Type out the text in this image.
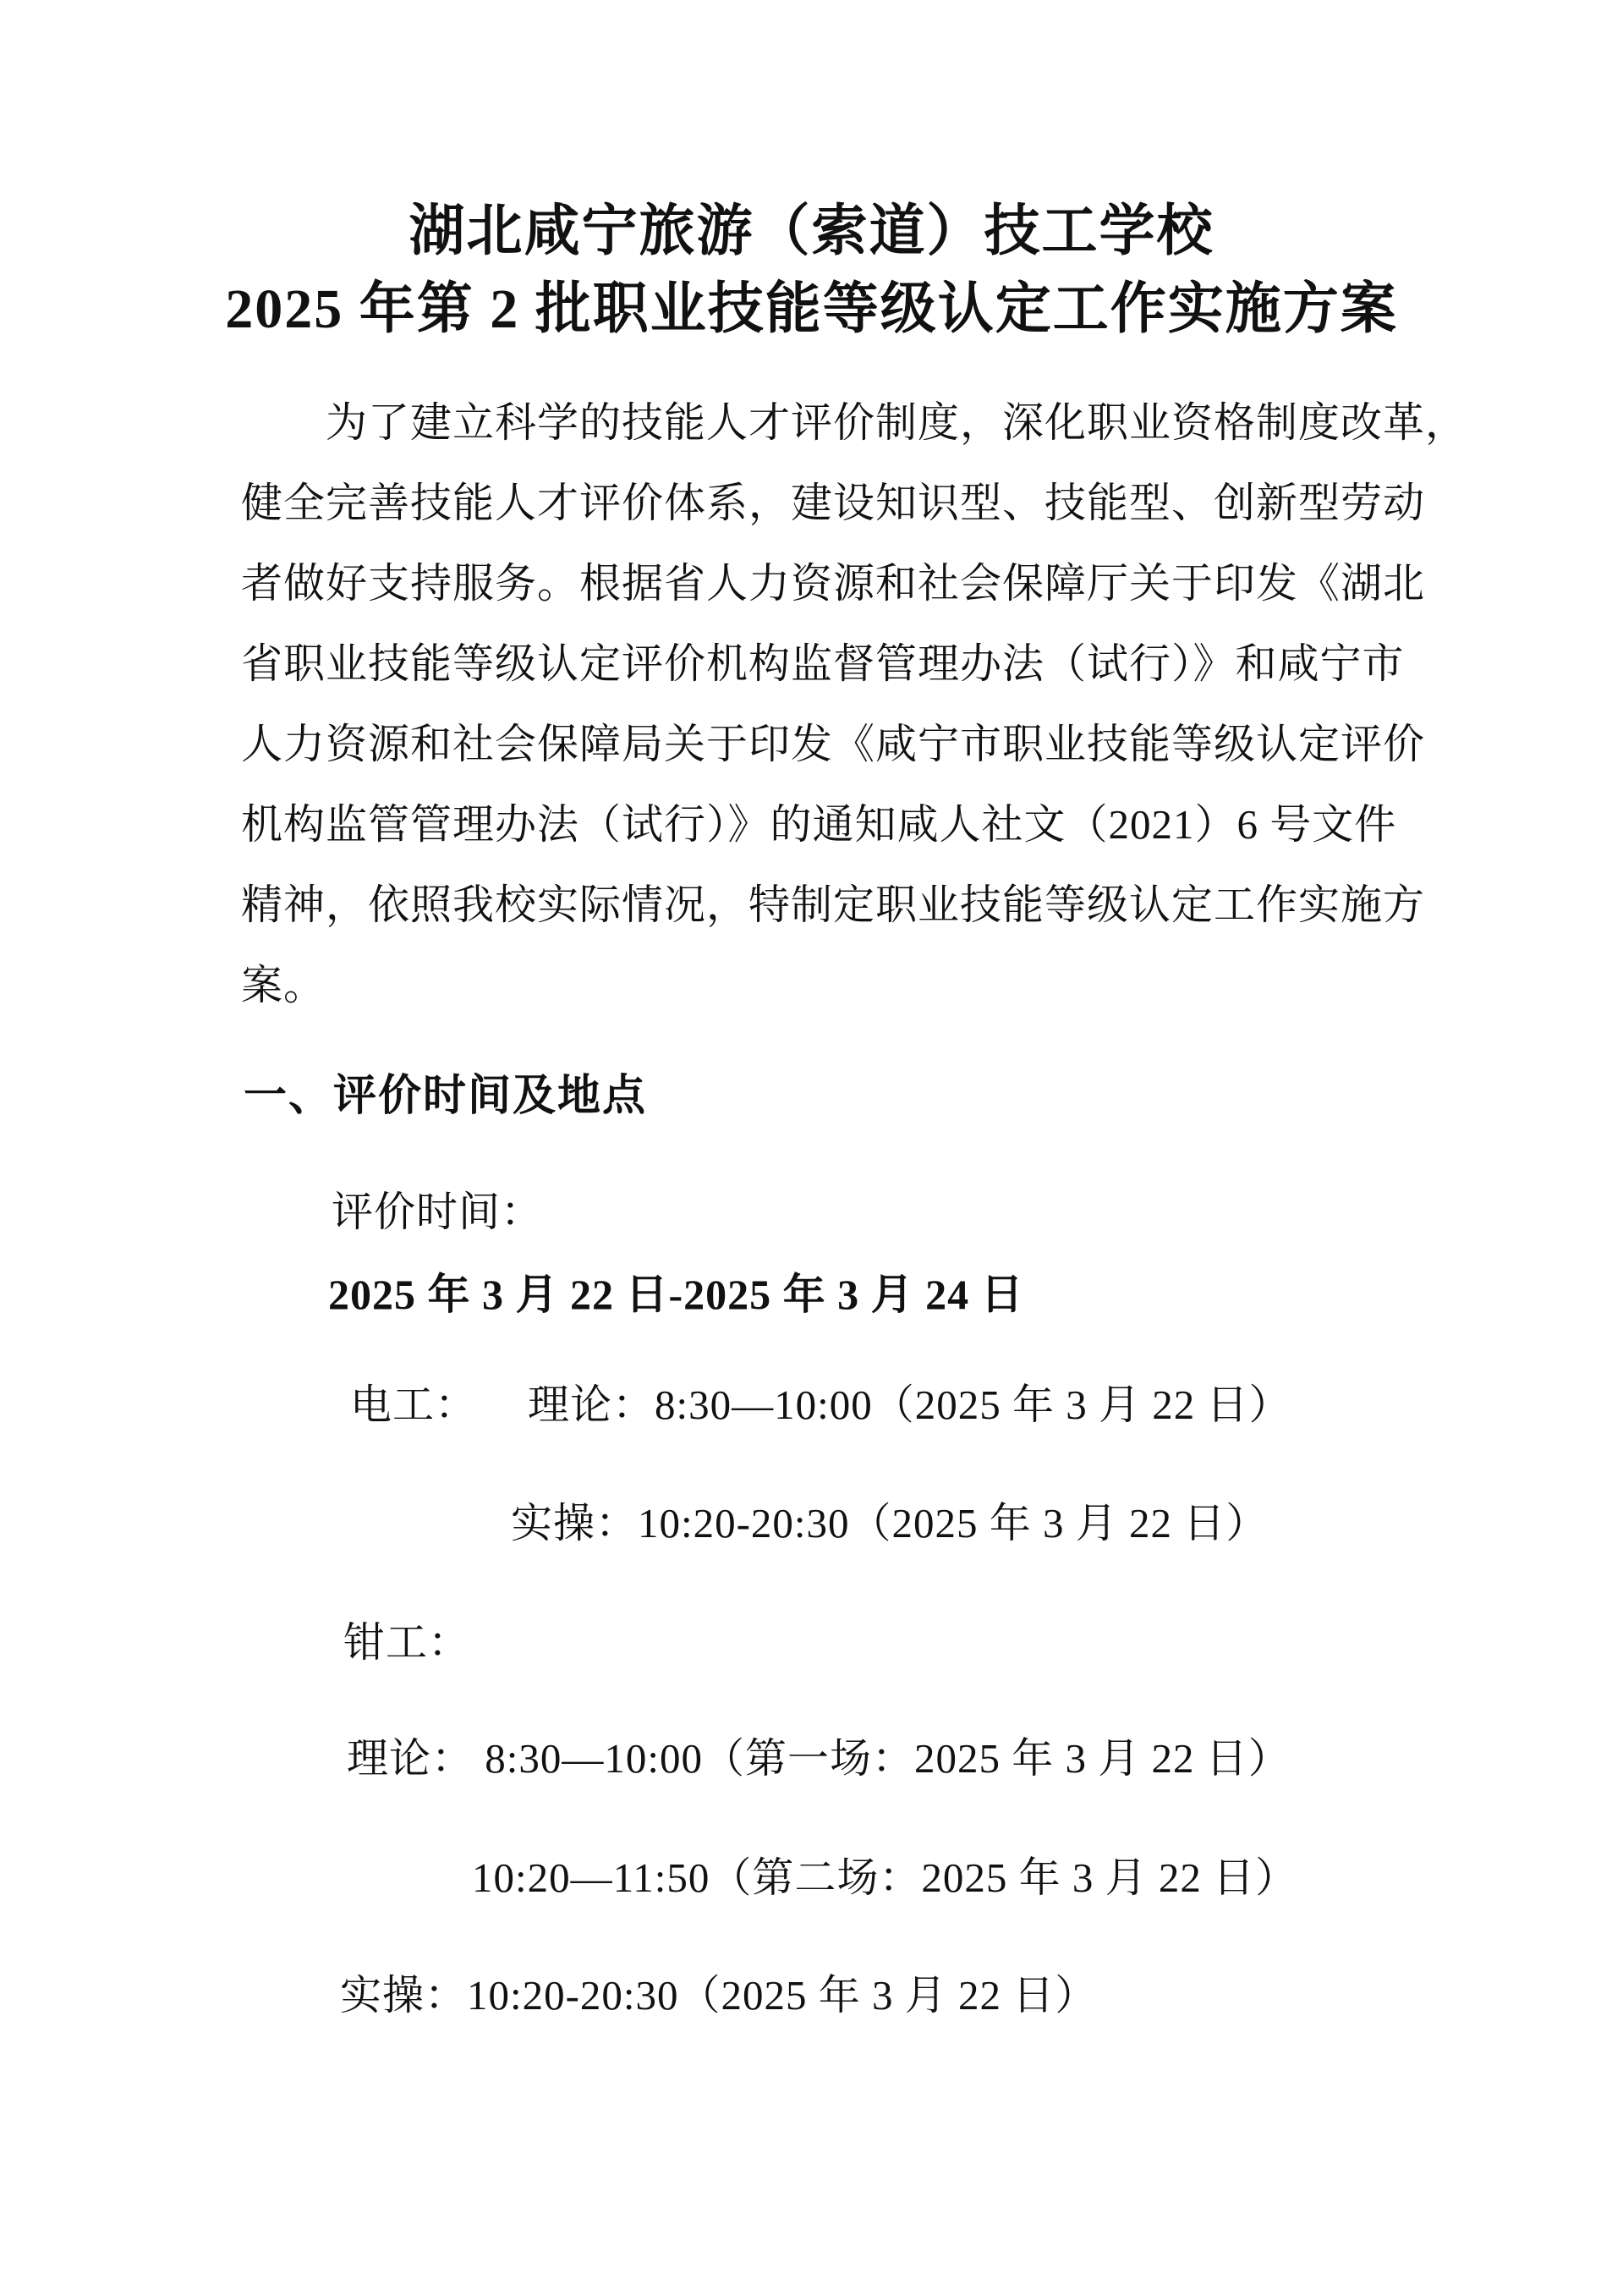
湖北咸宁旅游（索道）技工学校
2025 年第 2 批职业技能等级认定工作实施方案
为了建立科学的技能人才评价制度，深化职业资格制度改革，
健全完善技能人才评价体系，建设知识型、技能型、创新型劳动
者做好支持服务。根据省人力资源和社会保障厅关于印发《湖北
省职业技能等级认定评价机构监督管理办法（试行）》和咸宁市
人力资源和社会保障局关于印发《咸宁市职业技能等级认定评价
机构监管管理办法（试行）》的通知咸人社文（2021）6 号文件
精神，依照我校实际情况，特制定职业技能等级认定工作实施方
案。
一、评价时间及地点
评价时间：
2025 年 3 月 22 日-2025 年 3 月 24 日
电工： 理论：8:30—10:00（2025 年 3 月 22 日）
实操：10:20-20:30（2025 年 3 月 22 日）
钳工：
理论： 8:30—10:00（第一场：2025 年 3 月 22 日）
10:20—11:50（第二场：2025 年 3 月 22 日）
实操：10:20-20:30（2025 年 3 月 22 日）
